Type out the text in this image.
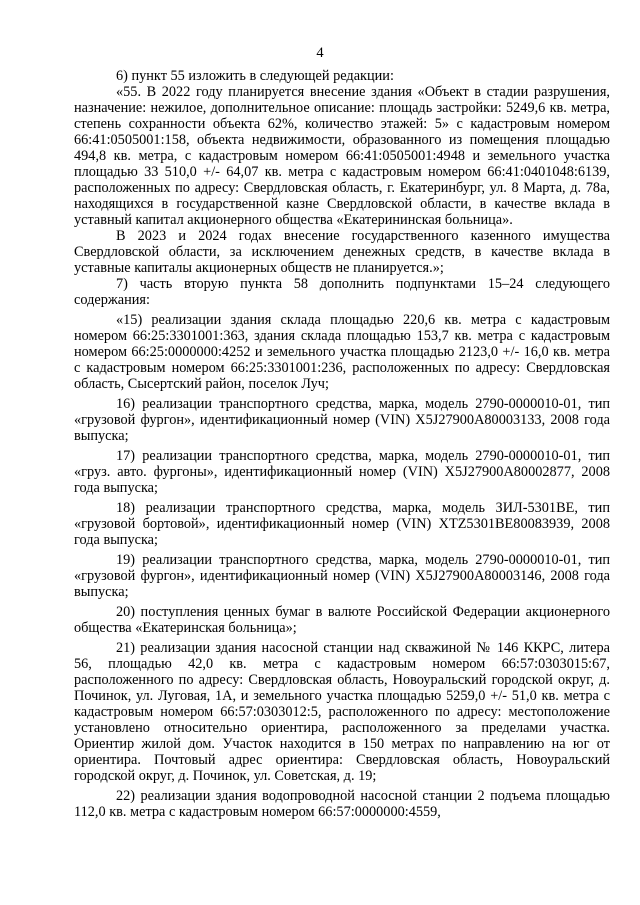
4

6) пункт 55 изложить в следующей редакции:

«55. В 2022 году планируется внесение здания «Объект в стадии разрушения, назначение: нежилое, дополнительное описание: площадь застройки: 5249,6 кв. метра, степень сохранности объекта 62%, количество этажей: 5» с кадастровым номером 66:41:0505001:158, объекта недвижимости, образованного из помещения площадью 494,8 кв. метра, с кадастровым номером 66:41:0505001:4948 и земельного участка площадью 33 510,0 +/- 64,07 кв. метра с кадастровым номером 66:41:0401048:6139, расположенных по адресу: Свердловская область, г. Екатеринбург, ул. 8 Марта, д. 78а, находящихся в государственной казне Свердловской области, в качестве вклада в уставный капитал акционерного общества «Екатерининская больница».

В 2023 и 2024 годах внесение государственного казенного имущества Свердловской области, за исключением денежных средств, в качестве вклада в уставные капиталы акционерных обществ не планируется.»;

7) часть вторую пункта 58 дополнить подпунктами 15–24 следующего содержания:

«15) реализации здания склада площадью 220,6 кв. метра с кадастровым номером 66:25:3301001:363, здания склада площадью 153,7 кв. метра с кадастровым номером 66:25:0000000:4252 и земельного участка площадью 2123,0 +/- 16,0 кв. метра с кадастровым номером 66:25:3301001:236, расположенных по адресу: Свердловская область, Сысертский район, поселок Луч;

16) реализации транспортного средства, марка, модель 2790-0000010-01, тип «грузовой фургон», идентификационный номер (VIN) X5J27900A80003133, 2008 года выпуска;

17) реализации транспортного средства, марка, модель 2790-0000010-01, тип «груз. авто. фургоны», идентификационный номер (VIN) X5J27900A80002877, 2008 года выпуска;

18) реализации транспортного средства, марка, модель ЗИЛ-5301ВЕ, тип «грузовой бортовой», идентификационный номер (VIN) XTZ5301BE80083939, 2008 года выпуска;

19) реализации транспортного средства, марка, модель 2790-0000010-01, тип «грузовой фургон», идентификационный номер (VIN) X5J27900A80003146, 2008 года выпуска;

20) поступления ценных бумаг в валюте Российской Федерации акционерного общества «Екатеринская больница»;

21) реализации здания насосной станции над скважиной № 146 ККРС, литера 56, площадью 42,0 кв. метра с кадастровым номером 66:57:0303015:67, расположенного по адресу: Свердловская область, Новоуральский городской округ, д. Починок, ул. Луговая, 1А, и земельного участка площадью 5259,0 +/- 51,0 кв. метра с кадастровым номером 66:57:0303012:5, расположенного по адресу: местоположение установлено относительно ориентира, расположенного за пределами участка. Ориентир жилой дом. Участок находится в 150 метрах по направлению на юг от ориентира. Почтовый адрес ориентира: Свердловская область, Новоуральский городской округ, д. Починок, ул. Советская, д. 19;

22) реализации здания водопроводной насосной станции 2 подъема площадью 112,0 кв. метра с кадастровым номером 66:57:0000000:4559,
